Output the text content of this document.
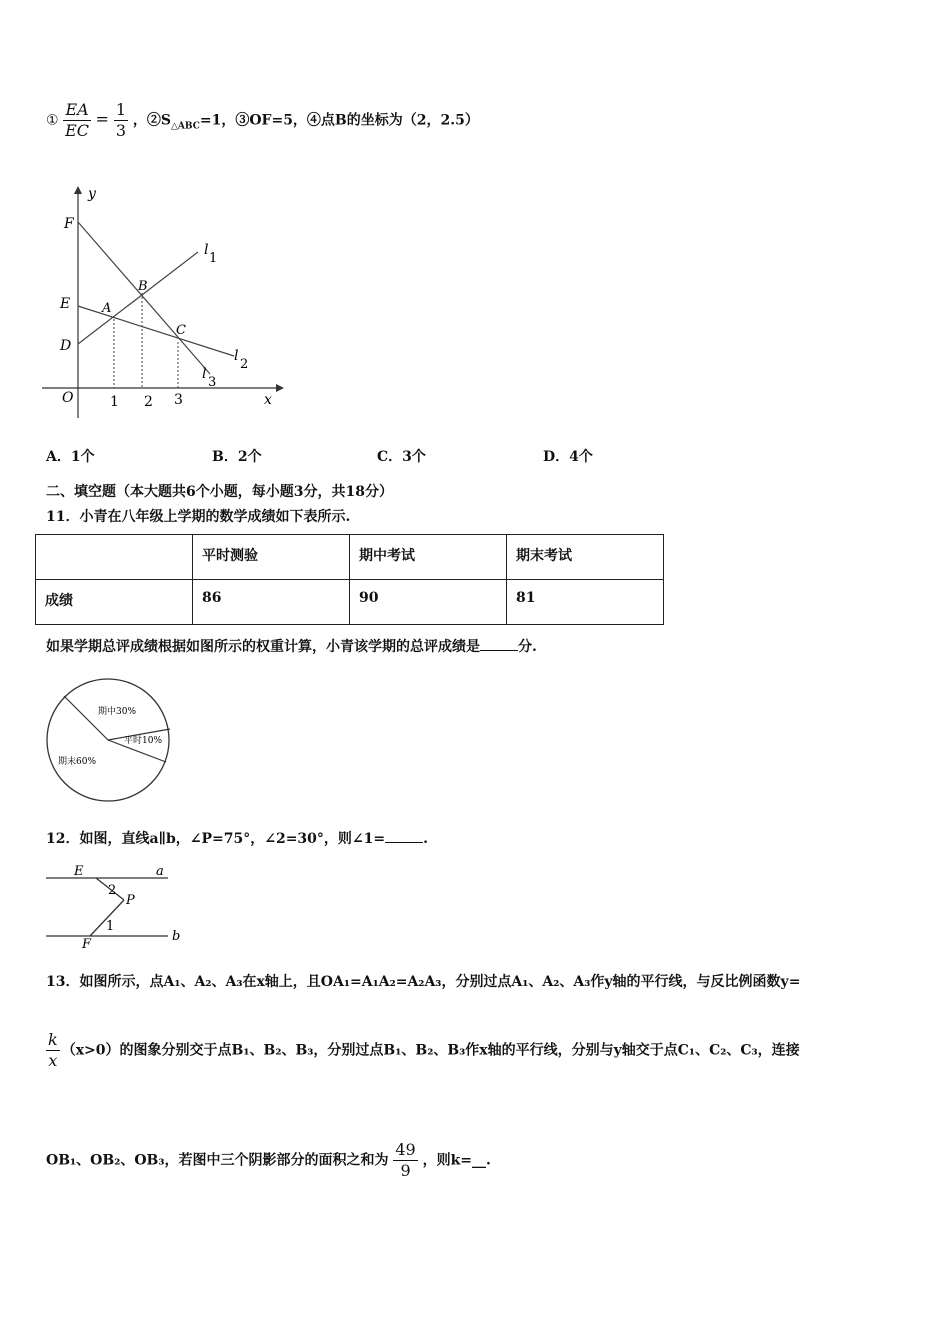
① $\frac{EA}{EC} = \frac{1}{3}$ ，$②S_{\triangle ABC}=1$，③OF=5，④点B的坐标为（2，2.5）
y
x
O
F
E
D
A
B
C
l
1
l
2
l
3
1 2 3
A．1个	B．2个	C．3个	D．4个
二、填空题（本大题共6个小题，每小题3分，共18分）
11．小青在八年级上学期的数学成绩如下表所示.
	平时测验	期中考试	期末考试
成绩	86	90	81
如果学期总评成绩根据如图所示的权重计算，小青该学期的总评成绩是	分.
期中30%
平时10%
期末60%
12．如图，直线a∥b，∠P=75°，∠2=30°，则∠1=	.
E	a
2
P
1
F
b
13．如图所示，点A₁、A₂、A₃在x轴上，且OA₁=A₁A₂=A₂A₃，分别过点A₁、A₂、A₃作y轴的平行线，与反比例函数y=
$\frac{k}{x} (x>0)$的图象分别交于点B₁、B₂、B₃，分别过点B₁、B₂、B₃作x轴的平行线，分别与y轴交于点C₁、C₂、C₃，连接
OB₁、OB₂、OB₃，若图中三个阴影部分的面积之和为 $\frac{49}{9}$ ，则k=__.
